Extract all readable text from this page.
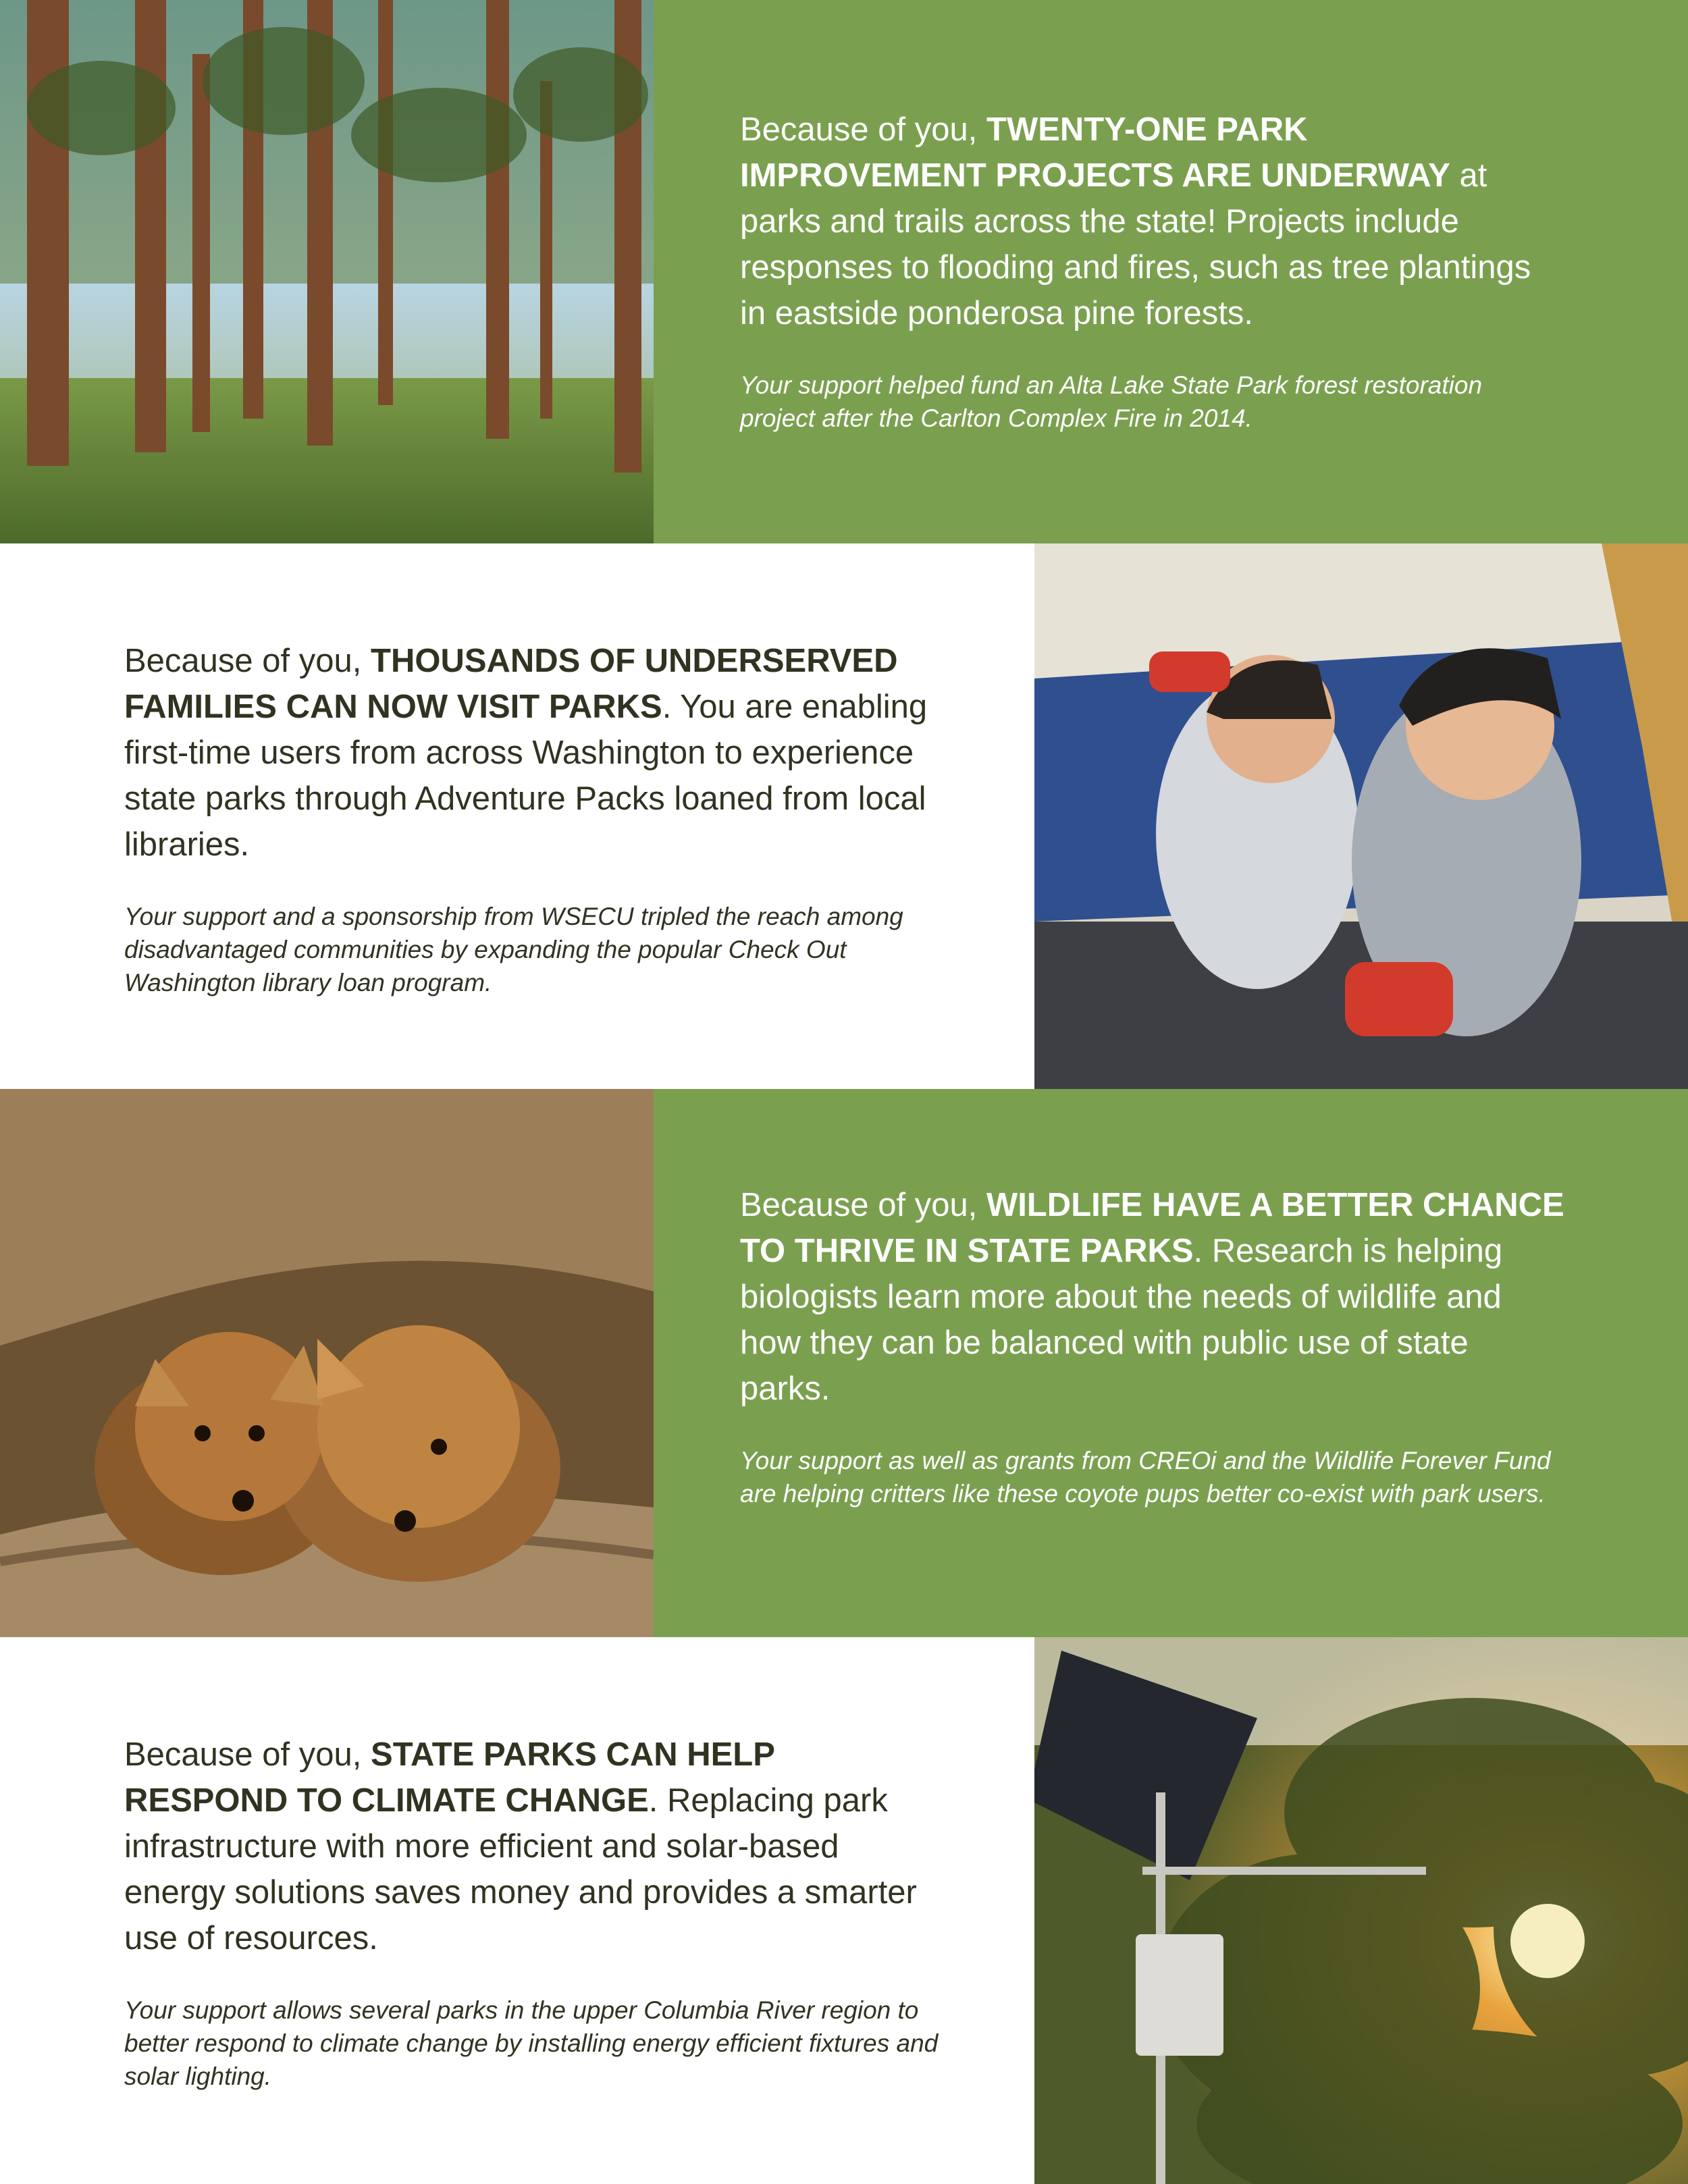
Because of you, TWENTY-ONE PARK IMPROVEMENT PROJECTS ARE UNDERWAY at parks and trails across the state! Projects include responses to flooding and fires, such as tree plantings in eastside ponderosa pine forests.

Your support helped fund an Alta Lake State Park forest restoration project after the Carlton Complex Fire in 2014.

Because of you, THOUSANDS OF UNDERSERVED FAMILIES CAN NOW VISIT PARKS. You are enabling first-time users from across Washington to experience state parks through Adventure Packs loaned from local libraries.

Your support and a sponsorship from WSECU tripled the reach among disadvantaged communities by expanding the popular Check Out Washington library loan program.

Because of you, WILDLIFE HAVE A BETTER CHANCE TO THRIVE IN STATE PARKS. Research is helping biologists learn more about the needs of wildlife and how they can be balanced with public use of state parks.

Your support as well as grants from CREOi and the Wildlife Forever Fund are helping critters like these coyote pups better co-exist with park users.

Because of you, STATE PARKS CAN HELP RESPOND TO CLIMATE CHANGE. Replacing park infrastructure with more efficient and solar-based energy solutions saves money and provides a smarter use of resources.

Your support allows several parks in the upper Columbia River region to better respond to climate change by installing energy efficient fixtures and solar lighting.
